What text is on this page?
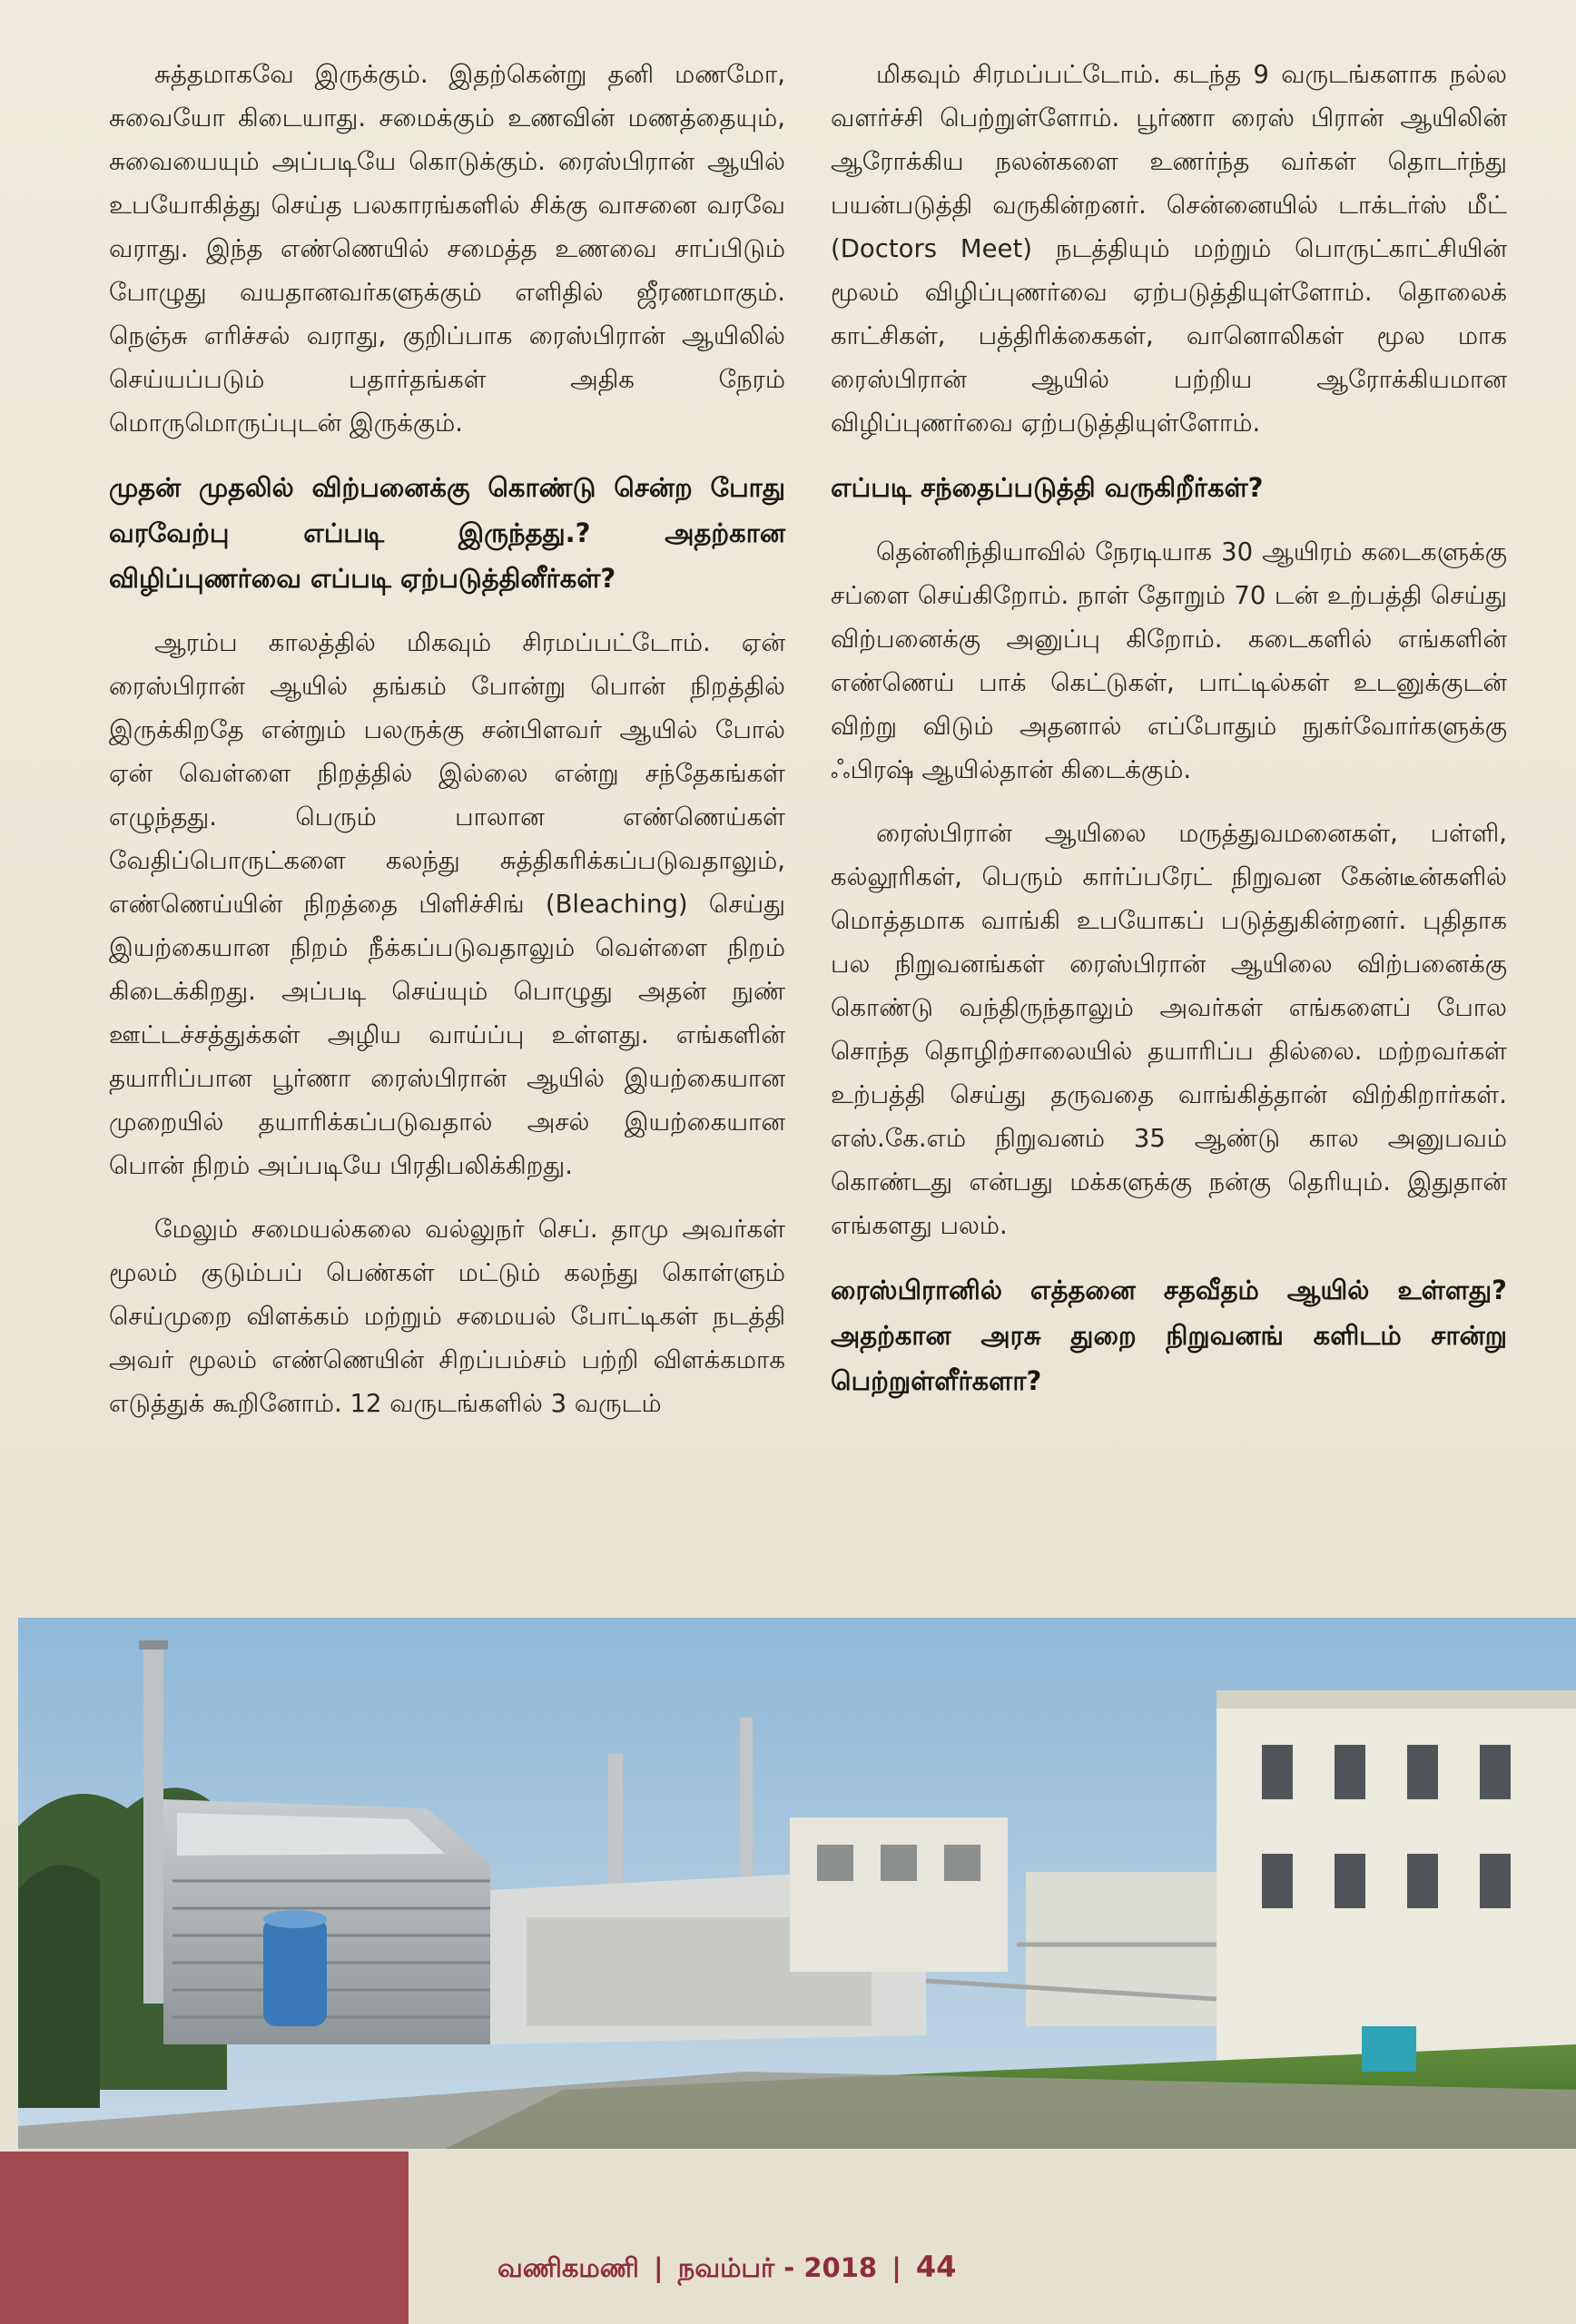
சுத்தமாகவே இருக்கும். இதற்கென்று தனி மணமோ, சுவையோ கிடையாது. சமைக்கும் உணவின் மணத்தையும், சுவையையும் அப்படியே கொடுக்கும். ரைஸ்பிரான் ஆயில் உபயோகித்து செய்த பலகாரங்களில் சிக்கு வாசனை வரவே வராது. இந்த எண்ணெயில் சமைத்த உணவை சாப்பிடும் போழுது வயதானவர்களுக்கும் எளிதில் ஜீரணமாகும். நெஞ்சு எரிச்சல் வராது, குறிப்பாக ரைஸ்பிரான் ஆயிலில் செய்யப்படும் பதார்தங்கள் அதிக நேரம் மொருமொருப்புடன் இருக்கும்.

முதன் முதலில் விற்பனைக்கு கொண்டு சென்ற போது வரவேற்பு எப்படி இருந்தது.? அதற்கான விழிப்புணர்வை எப்படி ஏற்படுத்தினீர்கள்?

ஆரம்ப காலத்தில் மிகவும் சிரமப்பட்டோம். ஏன் ரைஸ்பிரான் ஆயில் தங்கம் போன்று பொன் நிறத்தில் இருக்கிறதே என்றும் பலருக்கு சன்பிளவர் ஆயில் போல் ஏன் வெள்ளை நிறத்தில் இல்லை என்று சந்தேகங்கள் எழுந்தது. பெரும் பாலான எண்ணெய்கள் வேதிப்பொருட்களை கலந்து சுத்திகரிக்கப்படுவதாலும், எண்ணெய்யின் நிறத்தை பிளிச்சிங் (Bleaching) செய்து இயற்கையான நிறம் நீக்கப்படுவதாலும் வெள்ளை நிறம் கிடைக்கிறது. அப்படி செய்யும் பொழுது அதன் நுண் ஊட்டச்சத்துக்கள் அழிய வாய்ப்பு உள்ளது. எங்களின் தயாரிப்பான பூர்ணா ரைஸ்பிரான் ஆயில் இயற்கையான முறையில் தயாரிக்கப்படுவதால் அசல் இயற்கையான பொன் நிறம் அப்படியே பிரதிபலிக்கிறது.

மேலும் சமையல்கலை வல்லுநர் செப். தாமு அவர்கள் மூலம் குடும்பப் பெண்கள் மட்டும் கலந்து கொள்ளும் செய்முறை விளக்கம் மற்றும் சமையல் போட்டிகள் நடத்தி அவர் மூலம் எண்ணெயின் சிறப்பம்சம் பற்றி விளக்கமாக எடுத்துக் கூறினோம். 12 வருடங்களில் 3 வருடம்

மிகவும் சிரமப்பட்டோம். கடந்த 9 வருடங்களாக நல்ல வளர்ச்சி பெற்றுள்ளோம். பூர்ணா ரைஸ் பிரான் ஆயிலின் ஆரோக்கிய நலன்களை உணர்ந்த வர்கள் தொடர்ந்து பயன்படுத்தி வருகின்றனர். சென்னையில் டாக்டர்ஸ் மீட் (Doctors Meet) நடத்தியும் மற்றும் பொருட்காட்சியின் மூலம் விழிப்புணர்வை ஏற்படுத்தியுள்ளோம். தொலைக் காட்சிகள், பத்திரிக்கைகள், வானொலிகள் மூல மாக ரைஸ்பிரான் ஆயில் பற்றிய ஆரோக்கியமான விழிப்புணர்வை ஏற்படுத்தியுள்ளோம்.

எப்படி சந்தைப்படுத்தி வருகிறீர்கள்?

தென்னிந்தியாவில் நேரடியாக 30 ஆயிரம் கடைகளுக்கு சப்ளை செய்கிறோம். நாள் தோறும் 70 டன் உற்பத்தி செய்து விற்பனைக்கு அனுப்பு கிறோம். கடைகளில் எங்களின் எண்ணெய் பாக் கெட்டுகள், பாட்டில்கள் உடனுக்குடன் விற்று விடும் அதனால் எப்போதும் நுகர்வோர்களுக்கு ஃபிரஷ் ஆயில்தான் கிடைக்கும்.

ரைஸ்பிரான் ஆயிலை மருத்துவமனைகள், பள்ளி, கல்லூரிகள், பெரும் கார்ப்பரேட் நிறுவன கேன்டீன்களில் மொத்தமாக வாங்கி உபயோகப் படுத்துகின்றனர். புதிதாக பல நிறுவனங்கள் ரைஸ்பிரான் ஆயிலை விற்பனைக்கு கொண்டு வந்திருந்தாலும் அவர்கள் எங்களைப் போல சொந்த தொழிற்சாலையில் தயாரிப்ப தில்லை. மற்றவர்கள் உற்பத்தி செய்து தருவதை வாங்கித்தான் விற்கிறார்கள். எஸ்.கே.எம் நிறுவனம் 35 ஆண்டு கால அனுபவம் கொண்டது என்பது மக்களுக்கு நன்கு தெரியும். இதுதான் எங்களது பலம்.

ரைஸ்பிரானில் எத்தனை சதவீதம் ஆயில் உள்ளது? அதற்கான அரசு துறை நிறுவனங் களிடம் சான்று பெற்றுள்ளீர்களா?

வணிகமணி | நவம்பர் - 2018 | 44
